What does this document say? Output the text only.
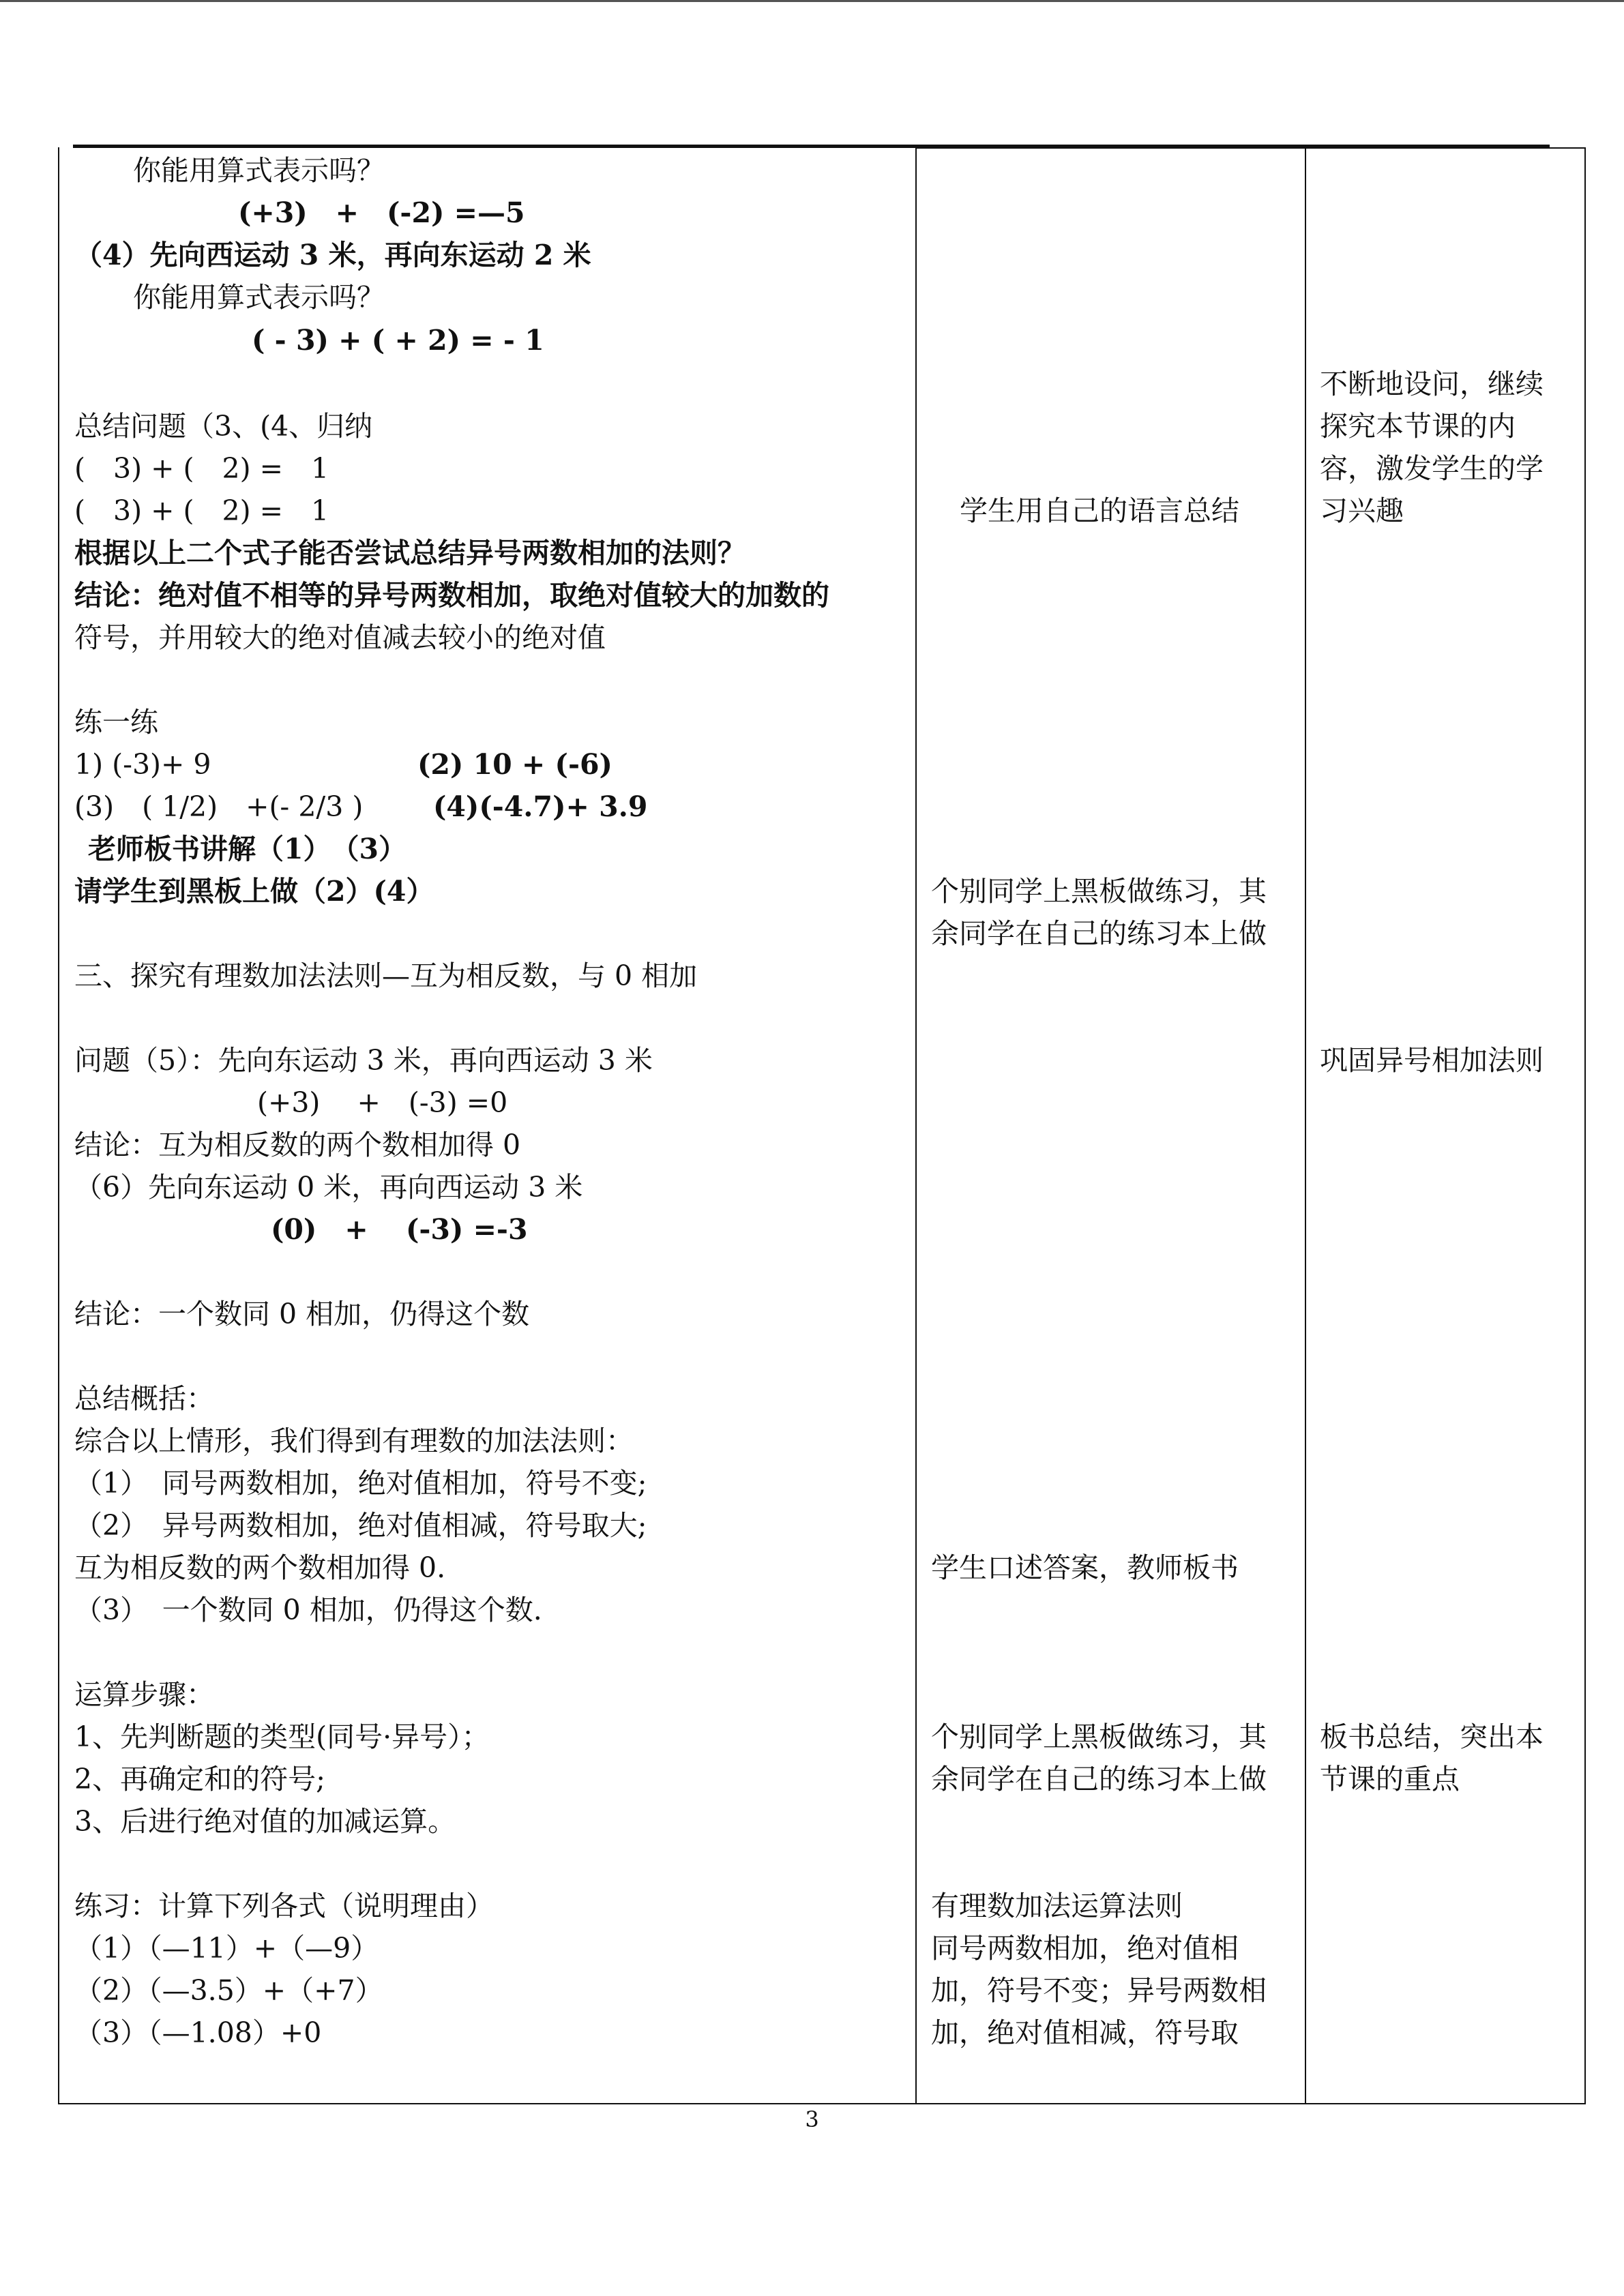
你能用算式表示吗？
(+3)　+　(-2) =—5
（4）先向西运动 3 米，再向东运动 2 米
你能用算式表示吗？
( - 3) + ( + 2) = - 1
总结问题（3、(4、归纳
(　3) + (　2) =　1
(　3) + (　2) =　1
根据以上二个式子能否尝试总结异号两数相加的法则？
结论：绝对值不相等的异号两数相加，取绝对值较大的加数的
符号，并用较大的绝对值减去较小的绝对值
练一练
1) (-3)+ 9	(2) 10 + (-6)
(3)　( 1/2)　+(- 2/3 )	(4)(-4.7)+ 3.9
老师板书讲解（1）　（3）
请学生到黑板上做（2）(4）
三、探究有理数加法法则—互为相反数，与 0 相加
问题（5）：先向东运动 3 米，再向西运动 3 米
(+3)　 +　(-3) =0
结论：互为相反数的两个数相加得 0
（6）先向东运动 0 米，再向西运动 3 米
(0)　+　 (-3) =-3
结论：一个数同 0 相加，仍得这个数
总结概括：
综合以上情形，我们得到有理数的加法法则：
（1）　同号两数相加，绝对值相加，符号不变;
（2）　异号两数相加，绝对值相减，符号取大;
互为相反数的两个数相加得 0.
（3）　一个数同 0 相加，仍得这个数.
运算步骤：
1、先判断题的类型(同号·异号）；
2、再确定和的符号;
3、后进行绝对值的加减运算。
练习：计算下列各式（说明理由）
（1）（—11）+（—9）
（2）（—3.5）+（+7）
（3）（—1.08）+0
学生用自己的语言总结
个别同学上黑板做练习，其
余同学在自己的练习本上做
学生口述答案，教师板书
个别同学上黑板做练习，其
余同学在自己的练习本上做
有理数加法运算法则
同号两数相加，绝对值相
加，符号不变；异号两数相
加，绝对值相减，符号取
不断地设问，继续
探究本节课的内
容，激发学生的学
习兴趣
巩固异号相加法则
板书总结，突出本
节课的重点
3
